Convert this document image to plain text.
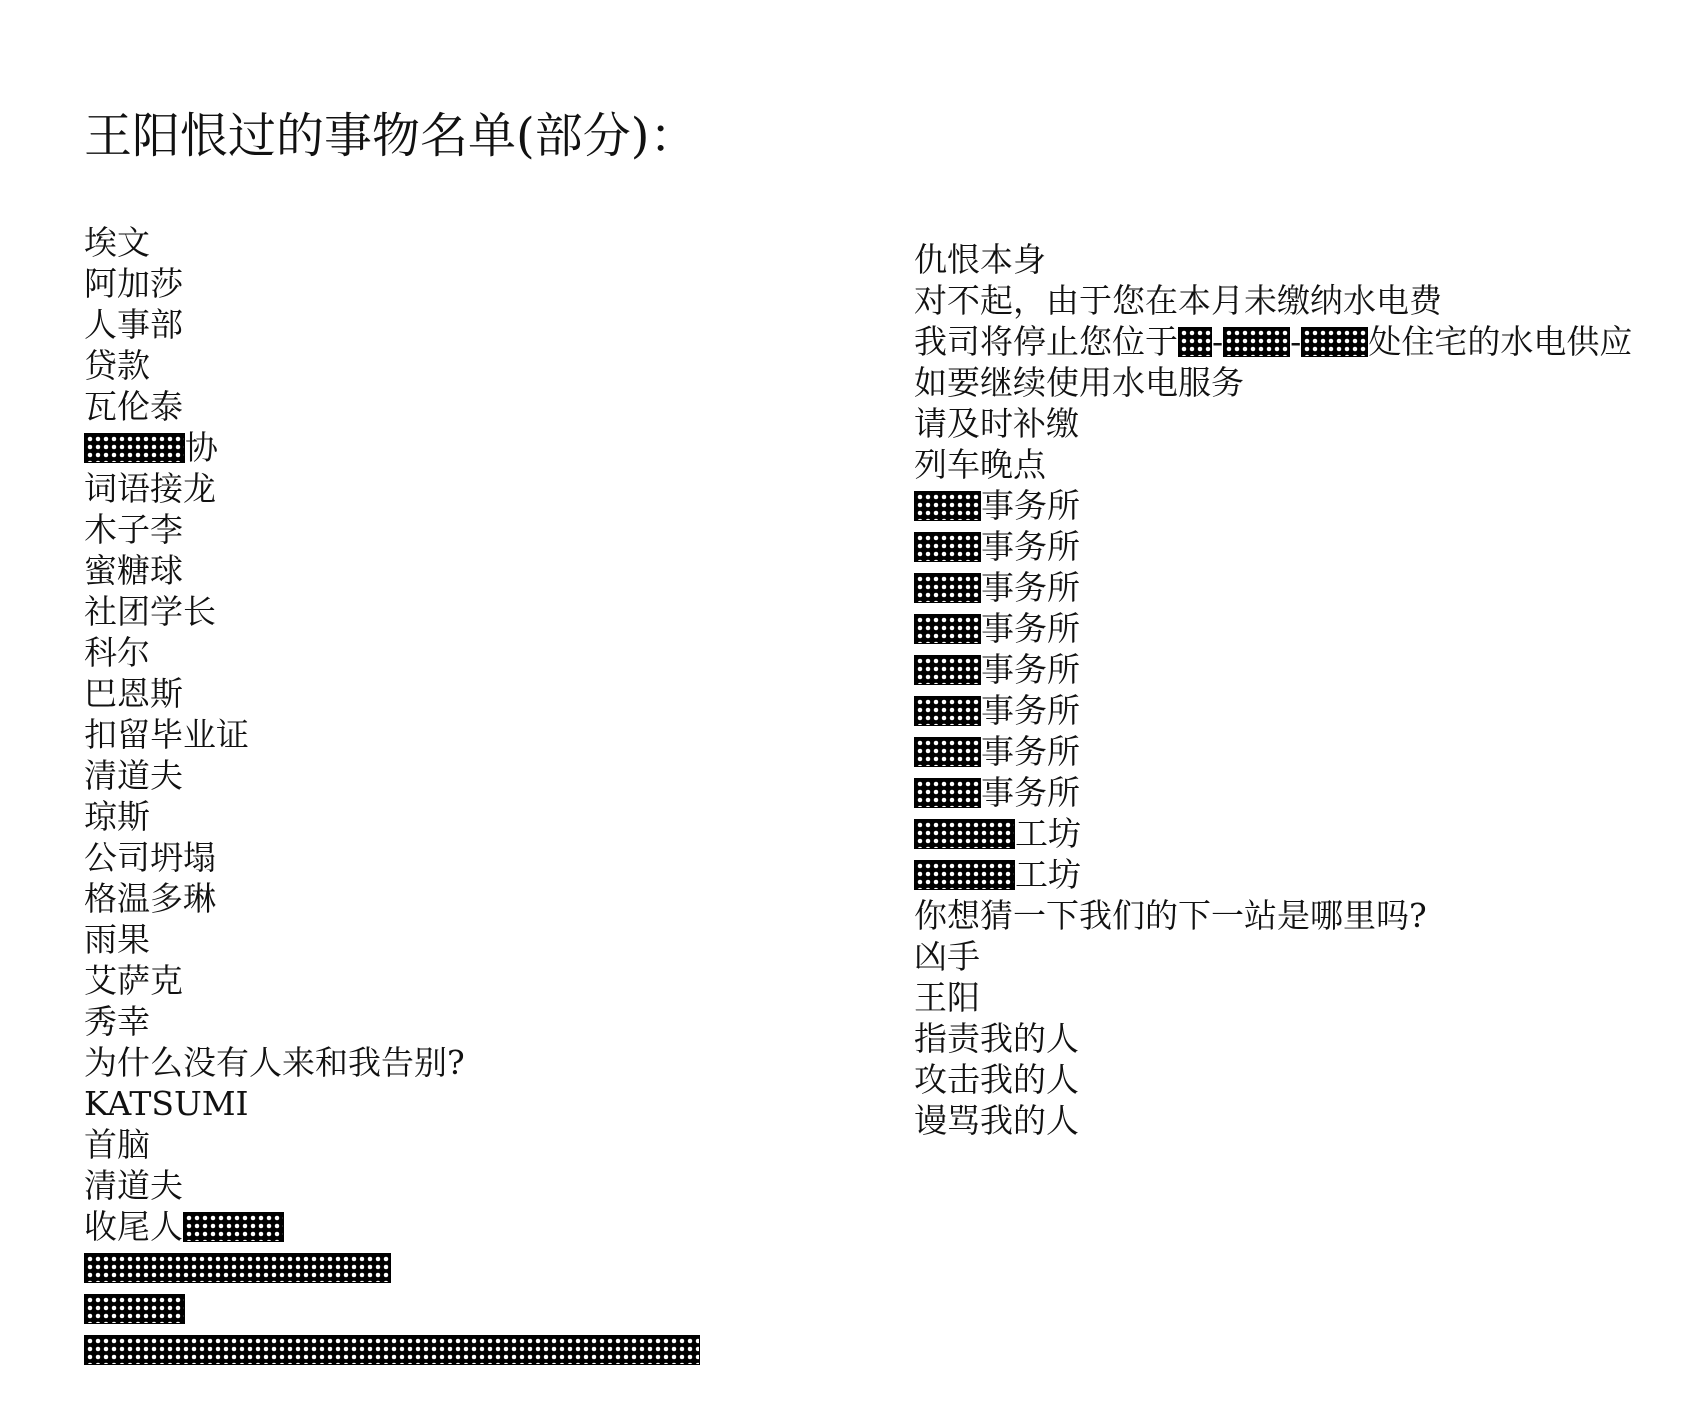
王阳恨过的事物名单(部分)：
埃文
阿加莎
人事部
贷款
瓦伦泰
协
词语接龙
木子李
蜜糖球
社团学长
科尔
巴恩斯
扣留毕业证
清道夫
琼斯
公司坍塌
格温多琳
雨果
艾萨克
秀幸
为什么没有人来和我告别?
KATSUMI
首脑
清道夫
收尾人
仇恨本身
对不起，由于您在本月未缴纳水电费
我司将停止您位于 - - 处住宅的水电供应
如要继续使用水电服务
请及时补缴
列车晚点
事务所
事务所
事务所
事务所
事务所
事务所
事务所
事务所
工坊
工坊
你想猜一下我们的下一站是哪里吗?
凶手
王阳
指责我的人
攻击我的人
谩骂我的人
